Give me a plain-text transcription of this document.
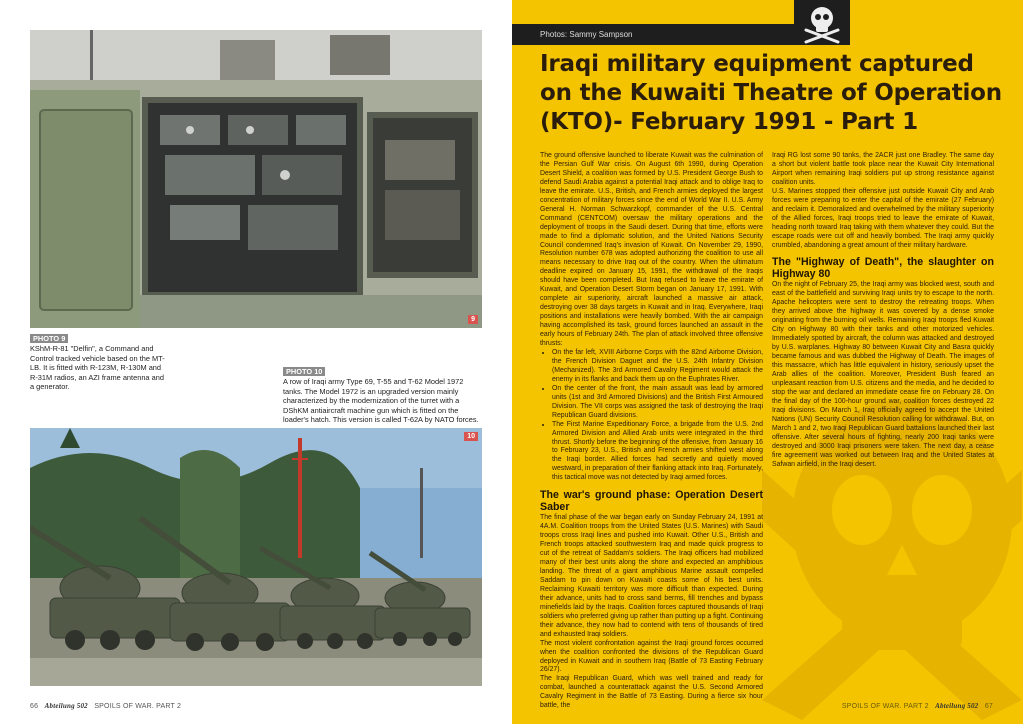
9
PHOTO 9
KShM-R-81 "Delfin", a Command and Control tracked vehicle based on the MT-LB. It is fitted with R-123M, R-130M and R-31M radios, an AZI frame antenna and a generator.
PHOTO 10
A row of Iraqi army Type 69, T-55 and T-62 Model 1972 tanks. The Model 1972 is an upgraded version mainly characterized by the modernization of the turret with a DShKM antiaircraft machine gun which is fitted on the loader's hatch. This version is called T-62A by NATO forces.
10
66 Abteilung 502 SPOILS OF WAR. PART 2
Photos: Sammy Sampson
Iraqi military equipment captured on the Kuwaiti Theatre of Operation (KTO)- February 1991 - Part 1

The ground offensive launched to liberate Kuwait was the culmination of the Persian Gulf War crisis. On August 6th 1990, during Operation Desert Shield, a coalition was formed by U.S. President George Bush to defend Saudi Arabia against a potential Iraqi attack and to oblige Iraq to leave the emirate. U.S., British, and French armies deployed the largest concentration of military forces since the end of World War II. U.S. Army General H. Norman Schwarzkopf, commander of the U.S. Central Command (CENTCOM) oversaw the military operations and the deployment of troops in the Saudi desert. During that time, efforts were made to find a diplomatic solution, and the United Nations Security Council condemned Iraq's invasion of Kuwait. On November 29, 1990, Resolution number 678 was adopted authorizing the coalition to use all means necessary to drive Iraq out of the country. When the ultimatum deadline expired on January 15, 1991, the withdrawal of the Iraqis should have been completed. But Iraq refused to leave the emirate of Kuwait, and Operation Desert Storm began on January 17, 1991. With complete air superiority, aircraft launched a massive air attack, destroying over 38 days targets in Kuwait and in Iraq. Everywhere, Iraqi positions and installations were heavily bombed. With the air campaign having accomplished its task, ground forces launched an assault in the early hours of February 24th. The plan of attack involved three offensive thrusts:

• On the far left, XVIII Airborne Corps with the 82nd Airborne Division, the French Division Daguet and the U.S. 24th Infantry Division (Mechanized). The 3rd Armored Cavalry Regiment would attack the enemy in its flanks and back them up on the Euphrates River.
• On the center of the front, the main assault was lead by armored units (1st and 3rd Armored Divisions) and the British First Armoured Division. The VII corps was assigned the task of destroying the Iraqi Republican Guard divisions.
• The First Marine Expeditionary Force, a brigade from the U.S. 2nd Armored Division and Allied Arab units were integrated in the third thrust. Shortly before the beginning of the offensive, from January 16 to February 23, U.S., British and French armies shifted west along the Iraqi border. Allied forces had secretly and quietly moved westward, in preparation of their flanking attack into Iraq. Fortunately, this tactical move was not detected by Iraqi armed forces.
The war's ground phase: Operation Desert Saber

The final phase of the war began early on Sunday February 24, 1991 at 4A.M. Coalition troops from the United States (U.S. Marines) with Saudi troops cross Iraqi lines and pushed into Kuwait. Other U.S., British and French troops attacked southwestern Iraq and made quick progress to cut of the retreat of Saddam's soldiers. The Iraqi officers had mobilized many of their best units along the shore and expected an amphibious landing. The threat of a giant amphibious Marine assault compelled Saddam to pin down on Kuwaiti coasts some of his best units. Reclaiming Kuwaiti territory was more difficult than expected. During their advance, units had to cross sand berms, fill trenches and bypass minefields laid by the Iraqis. Coalition forces captured thousands of Iraqi soldiers who preferred giving up rather than putting up a fight. Continuing their advance, they now had to contend with tens of thousands of tired and exhausted Iraqi soldiers.

The most violent confrontation against the Iraqi ground forces occurred when the coalition confronted the divisions of the Republican Guard deployed in Kuwait and in southern Iraq (Battle of 73 Easting February 26/27).

The Iraqi Republican Guard, which was well trained and ready for combat, launched a counterattack against the U.S. Second Armored Cavalry Regiment in the Battle of 73 Easting. During a fierce six hour battle, the

Iraqi RG lost some 90 tanks, the 2ACR just one Bradley. The same day a short but violent battle took place near the Kuwait City International Airport when remaining Iraqi soldiers put up strong resistance against coalition units.

U.S. Marines stopped their offensive just outside Kuwait City and Arab forces were preparing to enter the capital of the emirate (27 February) and reclaim it. Demoralized and overwhelmed by the military superiority of the Allied forces, Iraqi troops tried to leave the emirate of Kuwait, heading north toward Iraq taking with them whatever they could. But the escape roads were cut off and heavily bombed. The Iraqi army quickly crumbled, abandoning a great amount of their military hardware.

The "Highway of Death", the slaughter on Highway 80

On the night of February 25, the Iraqi army was blocked west, south and east of the battlefield and surviving Iraqi units try to escape to the north. Apache helicopters were sent to destroy the retreating troops. When they arrived above the highway it was covered by a dense smoke originating from the burning oil wells. Remaining Iraqi troops fled Kuwait City on Highway 80 with their tanks and other motorized vehicles. Immediately spotted by aircraft, the column was attacked and destroyed by U.S. warplanes. Highway 80 between Kuwait City and Basra quickly became famous and was dubbed the Highway of Death. The images of this massacre, which has little equivalent in history, seriously upset the Arab allies of the coalition. Moreover, President Bush feared an unpleasant reaction from U.S. citizens and the media, and he decided to stop the war and declared an immediate cease fire on February 28. On the final day of the 100-hour ground war, coalition forces destroyed 22 Iraqi divisions. On March 1, Iraq officially agreed to accept the United Nations (UN) Security Council Resolution calling for withdrawal. But, on March 1 and 2, two Iraqi Republican Guard battalions launched their last offensive. After several hours of fighting, nearly 200 Iraqi tanks were destroyed and 3000 Iraqi prisoners were taken. The next day, a cease fire agreement was worked out between Iraq and the United States at Safwan airfield, in the Iraqi desert.

SPOILS OF WAR. PART 2 Abteilung 502 67
